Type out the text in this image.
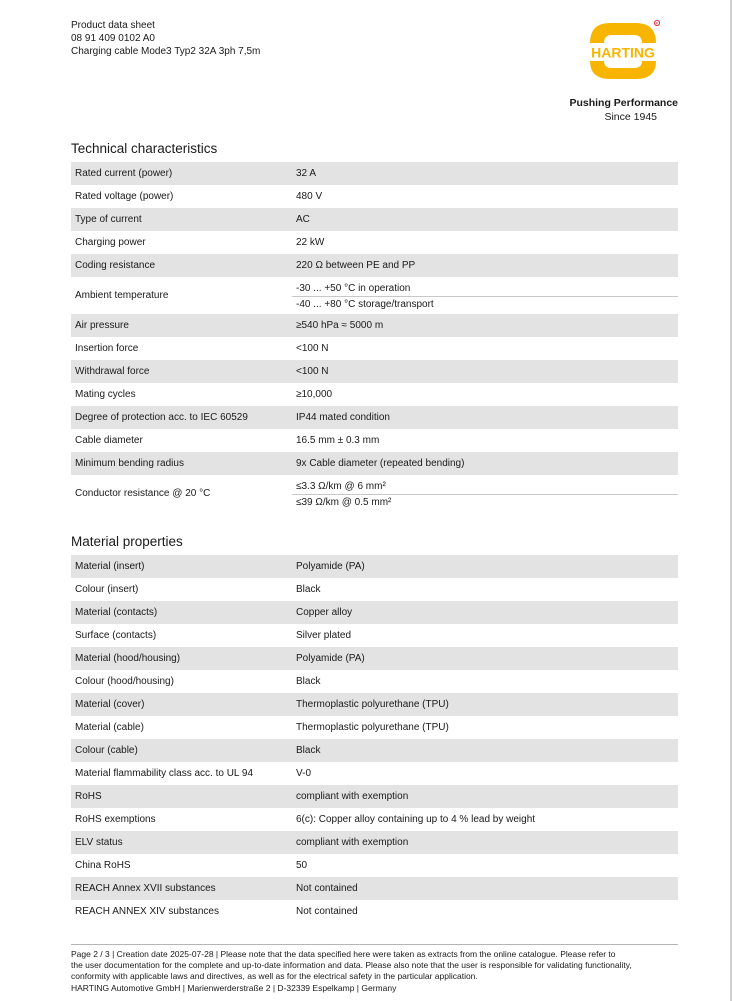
Product data sheet
08 91 409 0102 A0
Charging cable Mode3 Typ2 32A 3ph 7,5m	HARTING
R
Pushing Performance
Since 1945
Technical characteristics
Rated current (power)	32 A
Rated voltage (power)	480 V
Type of current	AC
Charging power	22 kW
Coding resistance	220 Ω between PE and PP
Ambient temperature	-30 ... +50 °C in operation
-40 ... +80 °C storage/transport

Air pressure	≥540 hPa ≈ 5000 m
Insertion force	<100 N
Withdrawal force	<100 N
Mating cycles	≥10,000
Degree of protection acc. to IEC 60529	IP44 mated condition
Cable diameter	16.5 mm ± 0.3 mm
Minimum bending radius	9x Cable diameter (repeated bending)
Conductor resistance @ 20 °C	≤3.3 Ω/km @ 6 mm²
≤39 Ω/km @ 0.5 mm²
Material properties
Material (insert)	Polyamide (PA)
Colour (insert)	Black
Material (contacts)	Copper alloy
Surface (contacts)	Silver plated
Material (hood/housing)	Polyamide (PA)
Colour (hood/housing)	Black
Material (cover)	Thermoplastic polyurethane (TPU)
Material (cable)	Thermoplastic polyurethane (TPU)
Colour (cable)	Black
Material flammability class acc. to UL 94	V-0
RoHS	compliant with exemption
RoHS exemptions	6(c): Copper alloy containing up to 4 % lead by weight
ELV status	compliant with exemption
China RoHS	50
REACH Annex XVII substances	Not contained
REACH ANNEX XIV substances	Not contained
Page 2 / 3 | Creation date 2025-07-28 | Please note that the data specified here were taken as extracts from the online catalogue. Please refer to
the user documentation for the complete and up-to-date information and data. Please also note that the user is responsible for validating functionality,
conformity with applicable laws and directives, as well as for the electrical safety in the particular application.
HARTING Automotive GmbH | Marienwerderstraße 2 | D-32339 Espelkamp | Germany
